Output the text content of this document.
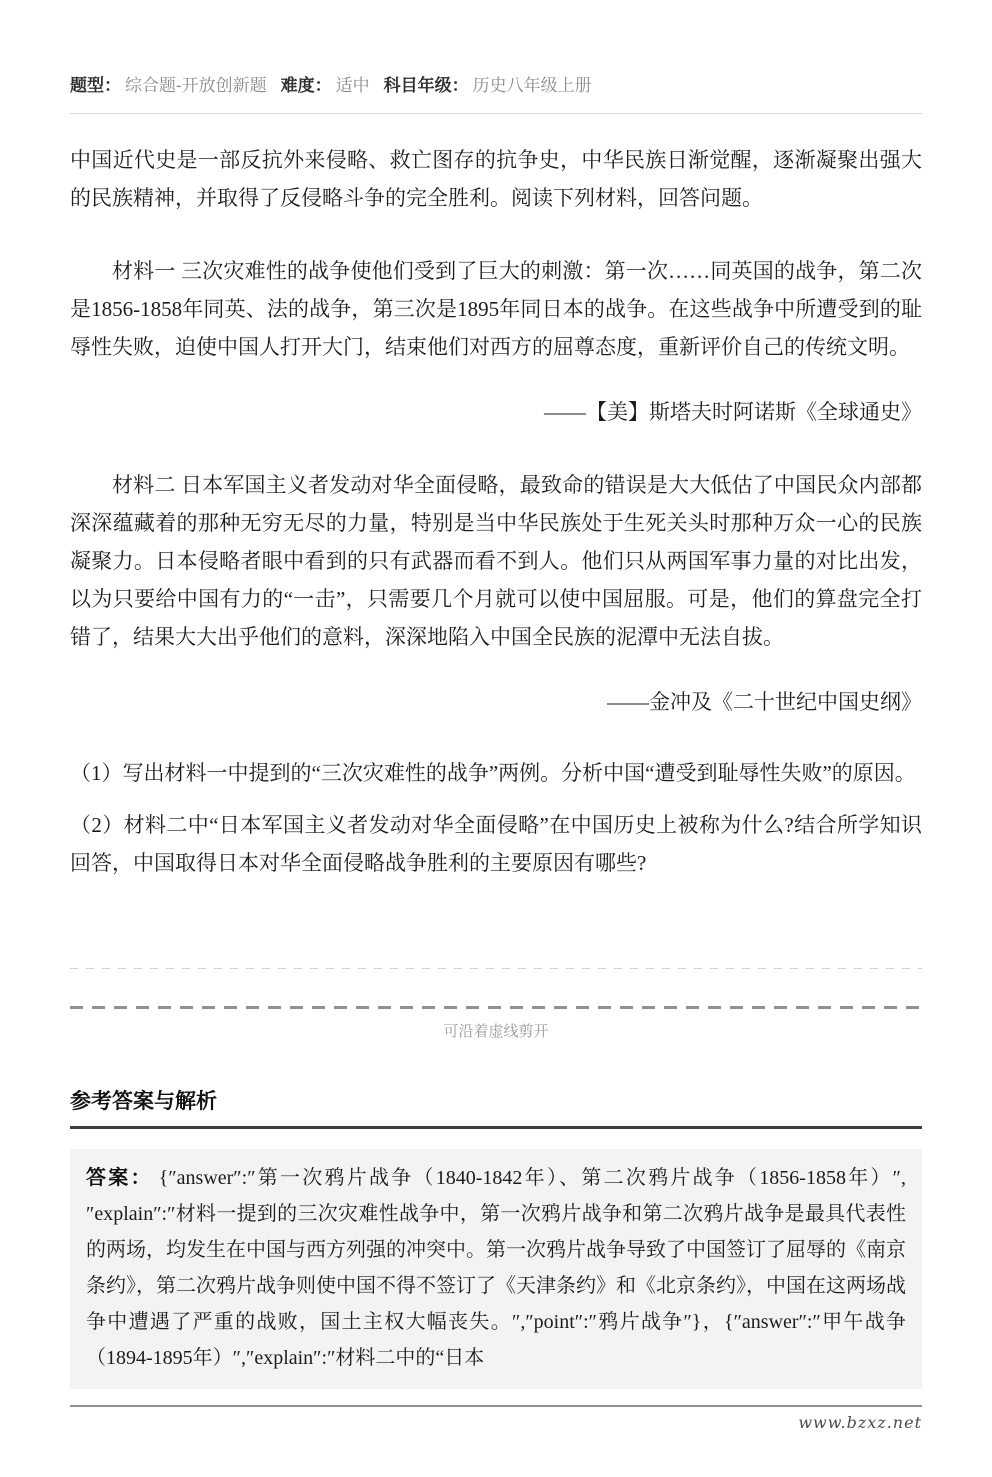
题型： 综合题-开放创新题 难度： 适中 科目年级： 历史八年级上册

中国近代史是一部反抗外来侵略、救亡图存的抗争史，中华民族日渐觉醒，逐渐凝聚出强大的民族精神，并取得了反侵略斗争的完全胜利。阅读下列材料，回答问题。

材料一 三次灾难性的战争使他们受到了巨大的刺激：第一次……同英国的战争，第二次是1856-1858年同英、法的战争，第三次是1895年同日本的战争。在这些战争中所遭受到的耻辱性失败，迫使中国人打开大门，结束他们对西方的屈尊态度，重新评价自己的传统文明。

——【美】斯塔夫时阿诺斯《全球通史》

材料二 日本军国主义者发动对华全面侵略，最致命的错误是大大低估了中国民众内部都深深蕴藏着的那种无穷无尽的力量，特别是当中华民族处于生死关头时那种万众一心的民族凝聚力。日本侵略者眼中看到的只有武器而看不到人。他们只从两国军事力量的对比出发，以为只要给中国有力的“一击”，只需要几个月就可以使中国屈服。可是，他们的算盘完全打错了，结果大大出乎他们的意料，深深地陷入中国全民族的泥潭中无法自拔。

——金冲及《二十世纪中国史纲》

（1）写出材料一中提到的“三次灾难性的战争”两例。分析中国“遭受到耻辱性失败”的原因。

（2）材料二中“日本军国主义者发动对华全面侵略”在中国历史上被称为什么?结合所学知识回答，中国取得日本对华全面侵略战争胜利的主要原因有哪些?

可沿着虚线剪开

参考答案与解析
答案： {″answer″:″第一次鸦片战争（1840-1842年）、第二次鸦片战争（1856-1858年）″,″explain″:″材料一提到的三次灾难性战争中，第一次鸦片战争和第二次鸦片战争是最具代表性的两场，均发生在中国与西方列强的冲突中。第一次鸦片战争导致了中国签订了屈辱的《南京条约》，第二次鸦片战争则使中国不得不签订了《天津条约》和《北京条约》，中国在这两场战争中遭遇了严重的战败，国土主权大幅丧失。″,″point″:″鸦片战争″}，{″answer″:″甲午战争（1894-1895年）″,″explain″:″材料二中的“日本
www.bzxz.net
